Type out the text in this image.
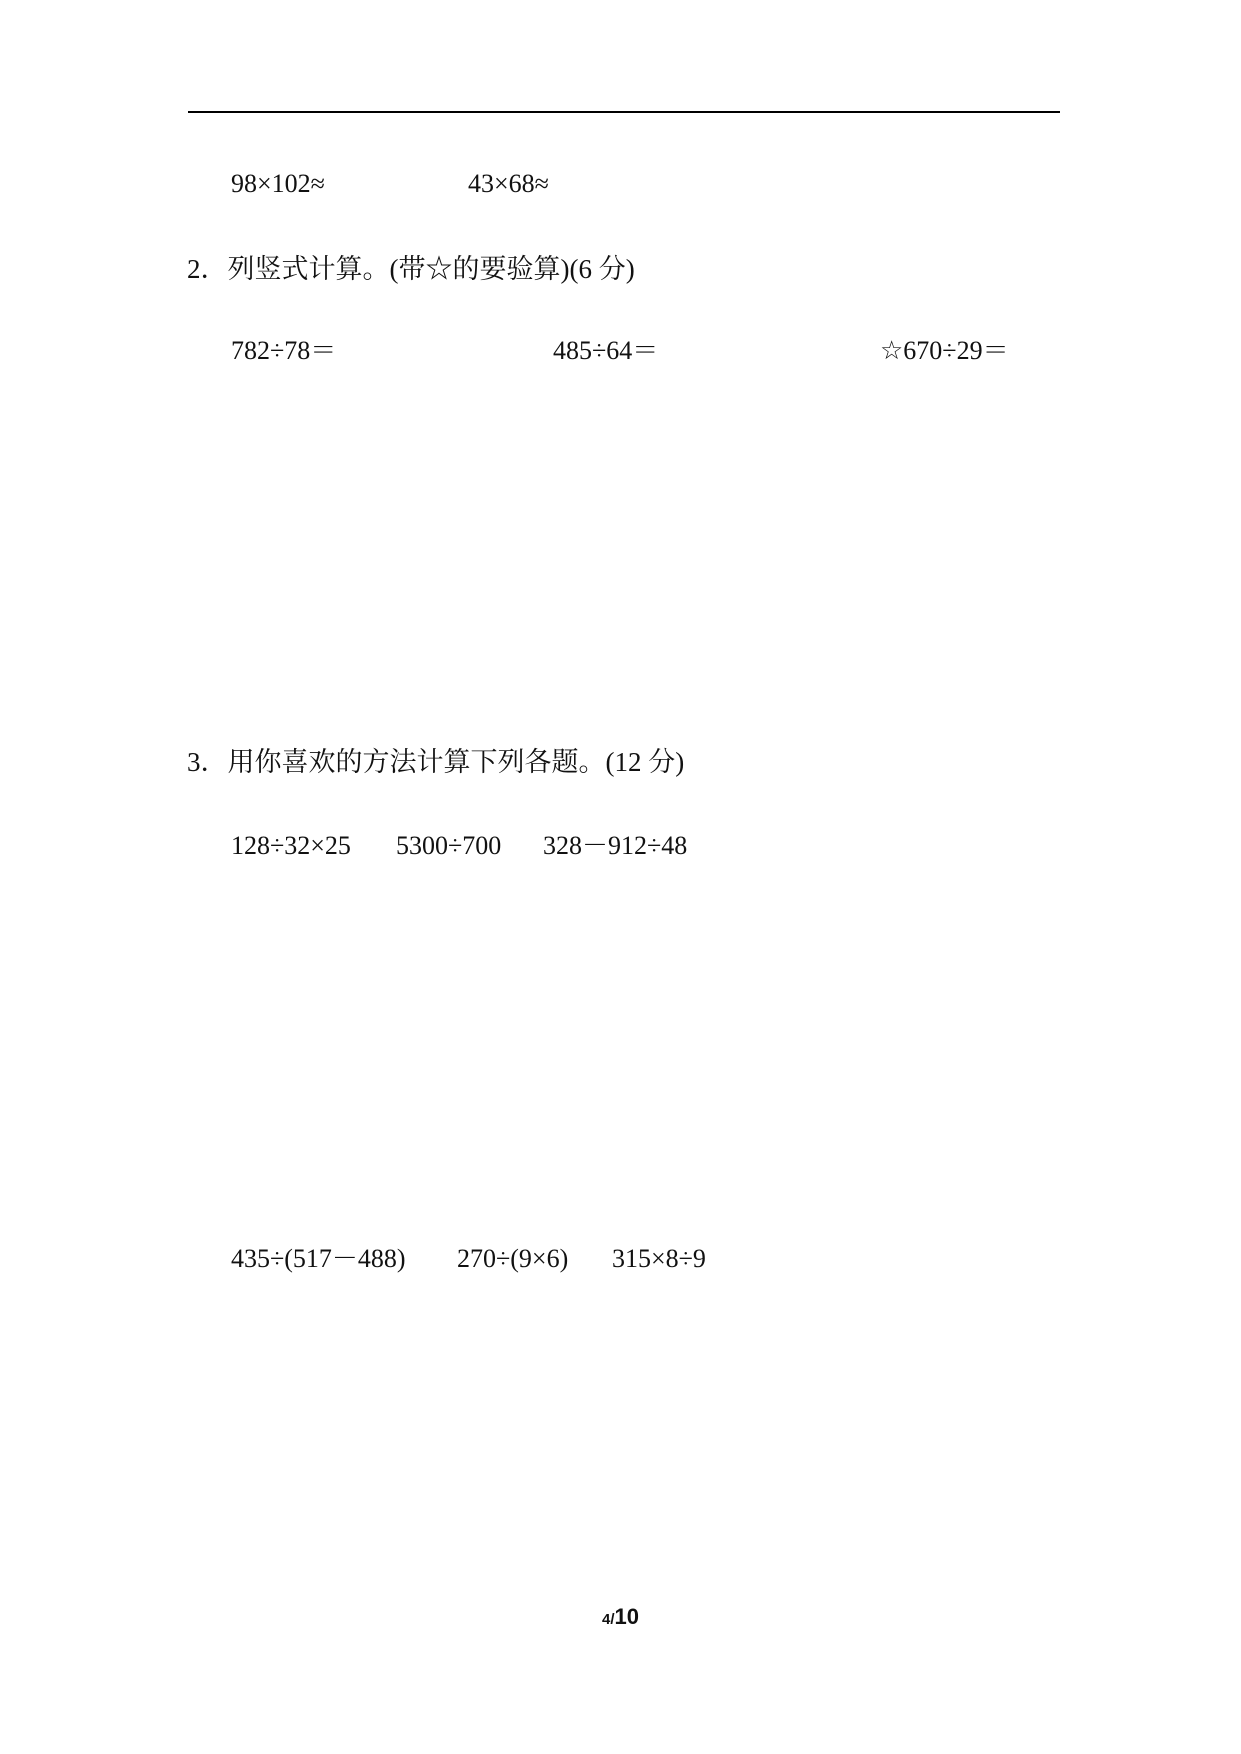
98×102≈	43×68≈
2．列竖式计算。(带☆的要验算)(6 分)
782÷78＝	485÷64＝	☆670÷29＝
3．用你喜欢的方法计算下列各题。(12 分)
128÷32×25 5300÷700 328－912÷48
435÷(517－488) 270÷(9×6) 315×8÷9
4/10
